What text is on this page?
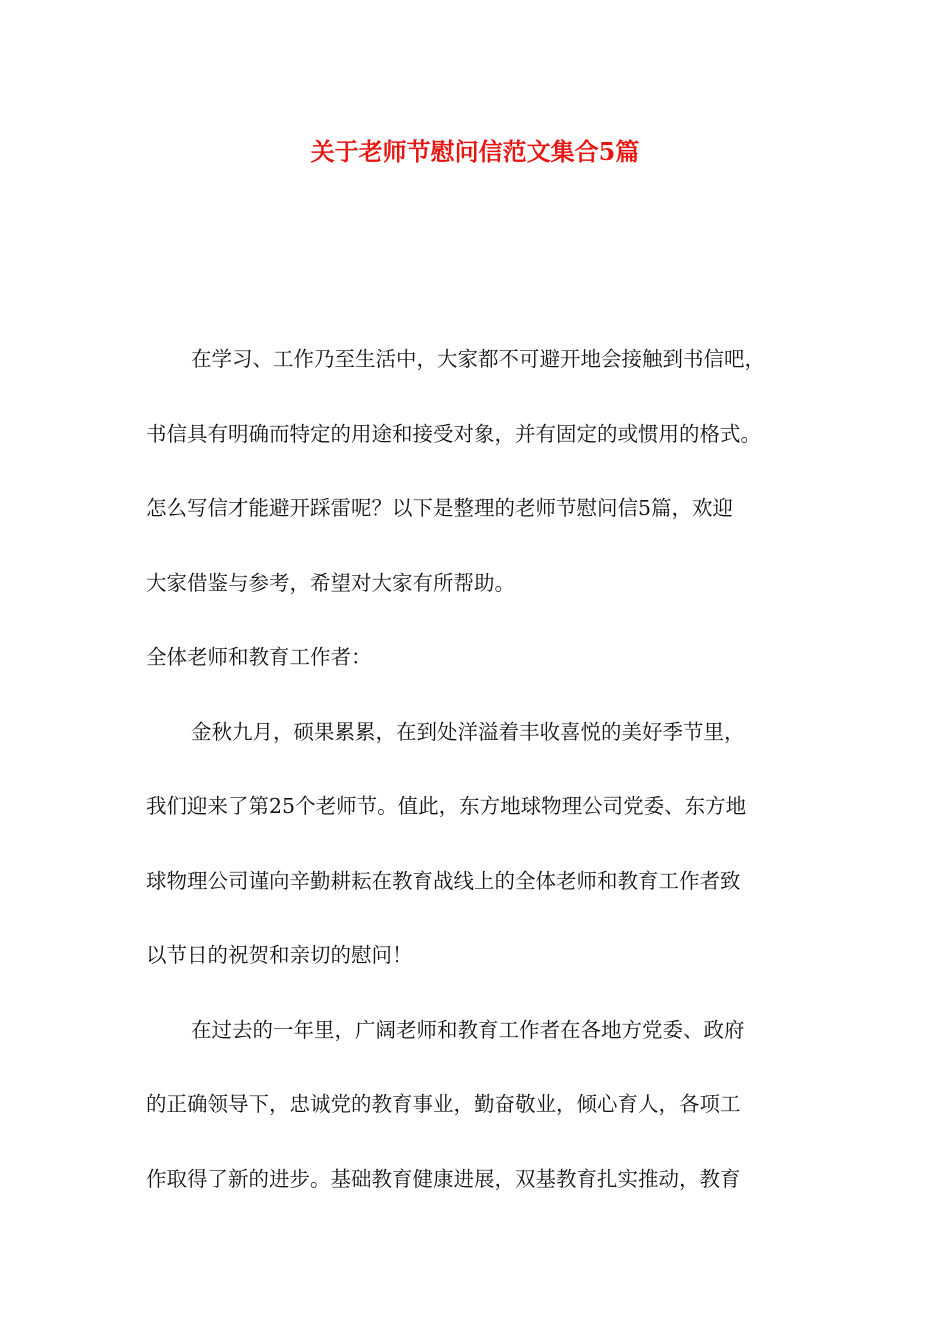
关于老师节慰问信范文集合5篇
在学习、工作乃至生活中，大家都不可避开地会接触到书信吧，
书信具有明确而特定的用途和接受对象，并有固定的或惯用的格式。
怎么写信才能避开踩雷呢？以下是整理的老师节慰问信5篇，欢迎
大家借鉴与参考，希望对大家有所帮助。
全体老师和教育工作者：
金秋九月，硕果累累，在到处洋溢着丰收喜悦的美好季节里，
我们迎来了第25个老师节。值此，东方地球物理公司党委、东方地
球物理公司谨向辛勤耕耘在教育战线上的全体老师和教育工作者致
以节日的祝贺和亲切的慰问！
在过去的一年里，广阔老师和教育工作者在各地方党委、政府
的正确领导下，忠诚党的教育事业，勤奋敬业，倾心育人，各项工
作取得了新的进步。基础教育健康进展，双基教育扎实推动，教育
